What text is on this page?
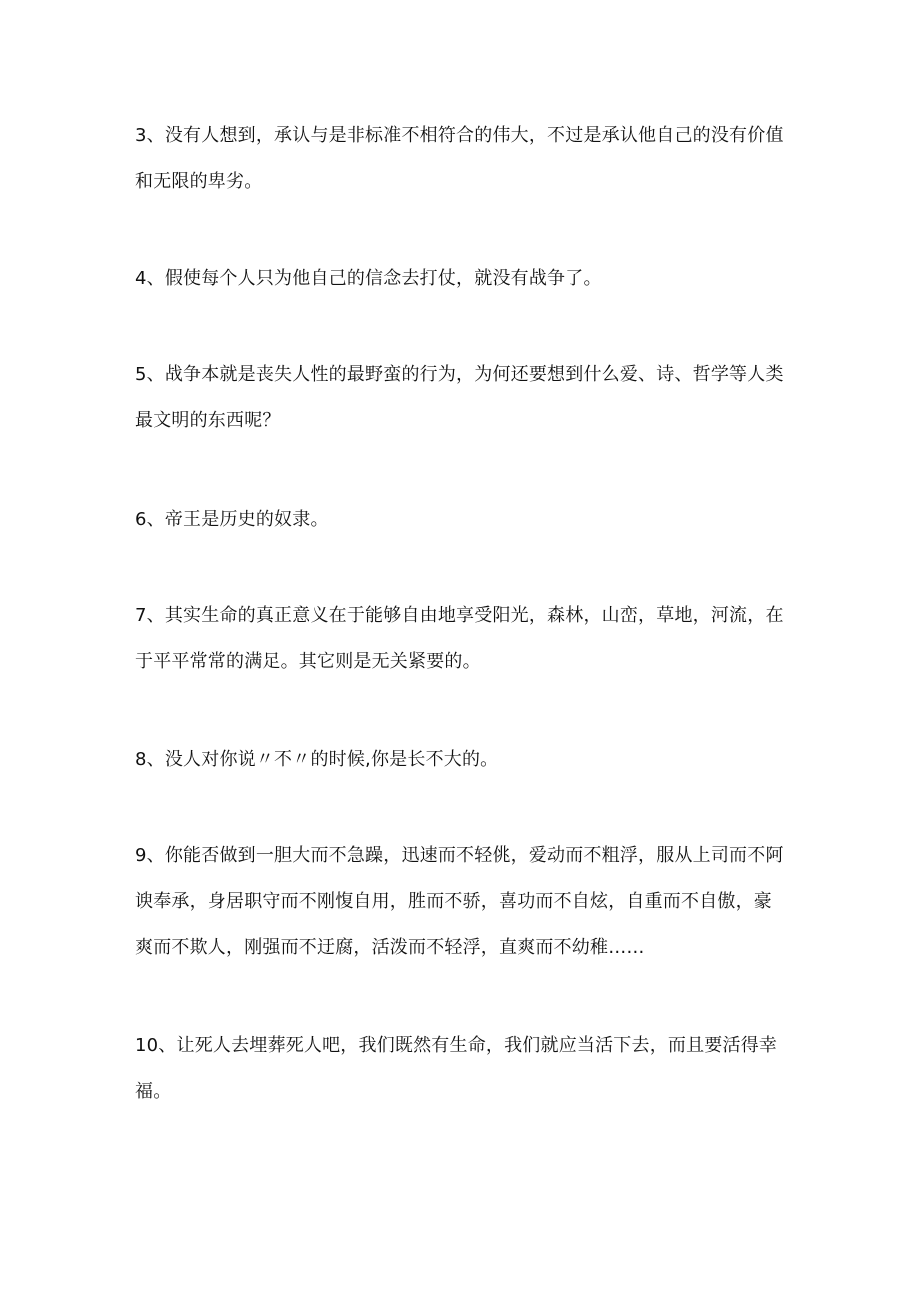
3、没有人想到，承认与是非标准不相符合的伟大，不过是承认他自己的没有价值和无限的卑劣。

4、假使每个人只为他自己的信念去打仗，就没有战争了。

5、战争本就是丧失人性的最野蛮的行为，为何还要想到什么爱、诗、哲学等人类最文明的东西呢？

6、帝王是历史的奴隶。

7、其实生命的真正意义在于能够自由地享受阳光，森林，山峦，草地，河流，在于平平常常的满足。其它则是无关紧要的。

8、没人对你说〃不〃的时候,你是长不大的。

9、你能否做到一胆大而不急躁，迅速而不轻佻，爱动而不粗浮，服从上司而不阿谀奉承，身居职守而不刚愎自用，胜而不骄，喜功而不自炫，自重而不自傲，豪爽而不欺人，刚强而不迂腐，活泼而不轻浮，直爽而不幼稚……

10、让死人去埋葬死人吧，我们既然有生命，我们就应当活下去，而且要活得幸福。
